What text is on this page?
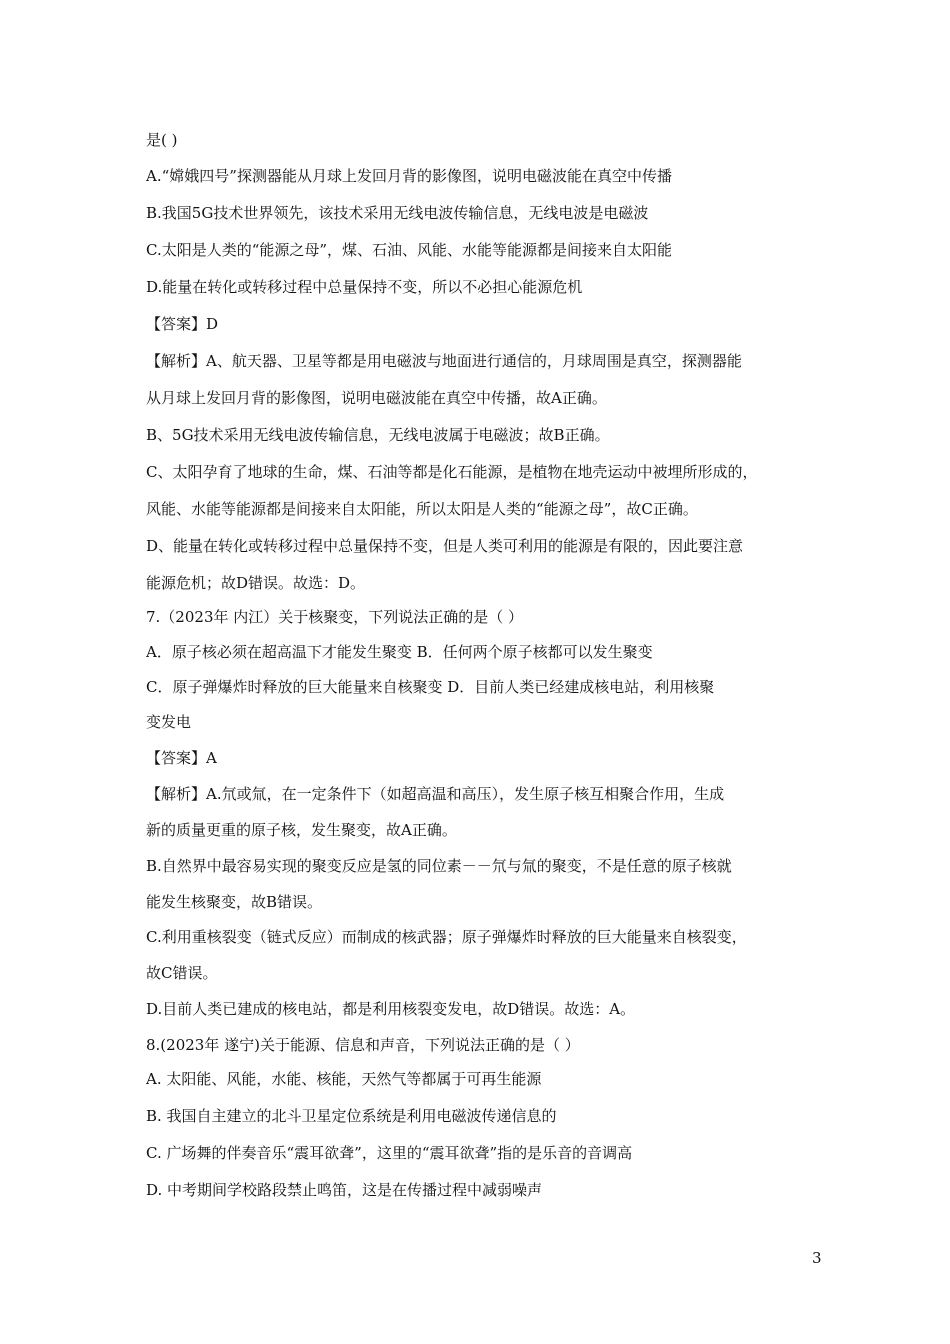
是( )
A.“嫦娥四号”探测器能从月球上发回月背的影像图，说明电磁波能在真空中传播
B.我国5G技术世界领先，该技术采用无线电波传输信息，无线电波是电磁波
C.太阳是人类的“能源之母”，煤、石油、风能、水能等能源都是间接来自太阳能
D.能量在转化或转移过程中总量保持不变，所以不必担心能源危机
【答案】D
【解析】A、航天器、卫星等都是用电磁波与地面进行通信的，月球周围是真空，探测器能
从月球上发回月背的影像图，说明电磁波能在真空中传播，故A正确。
B、5G技术采用无线电波传输信息，无线电波属于电磁波；故B正确。
C、太阳孕育了地球的生命，煤、石油等都是化石能源，是植物在地壳运动中被埋所形成的，
风能、水能等能源都是间接来自太阳能，所以太阳是人类的“能源之母”，故C正确。
D、能量在转化或转移过程中总量保持不变，但是人类可利用的能源是有限的，因此要注意
能源危机；故D错误。故选：D。
7.（2023年 内江）关于核聚变，下列说法正确的是（ ）
A．原子核必须在超高温下才能发生聚变 B．任何两个原子核都可以发生聚变
C．原子弹爆炸时释放的巨大能量来自核聚变 D．目前人类已经建成核电站，利用核聚
变发电
【答案】A
【解析】A.氘或氚，在一定条件下（如超高温和高压），发生原子核互相聚合作用，生成
新的质量更重的原子核，发生聚变，故A正确。
B.自然界中最容易实现的聚变反应是氢的同位素－－氘与氚的聚变，不是任意的原子核就
能发生核聚变，故B错误。
C.利用重核裂变（链式反应）而制成的核武器；原子弹爆炸时释放的巨大能量来自核裂变，
故C错误。
D.目前人类已建成的核电站，都是利用核裂变发电，故D错误。故选：A。
8.(2023年 遂宁)关于能源、信息和声音，下列说法正确的是（ ）
A. 太阳能、风能，水能、核能，天然气等都属于可再生能源
B. 我国自主建立的北斗卫星定位系统是利用电磁波传递信息的
C. 广场舞的伴奏音乐“震耳欲聋”，这里的“震耳欲聋”指的是乐音的音调高
D. 中考期间学校路段禁止鸣笛，这是在传播过程中减弱噪声
3
